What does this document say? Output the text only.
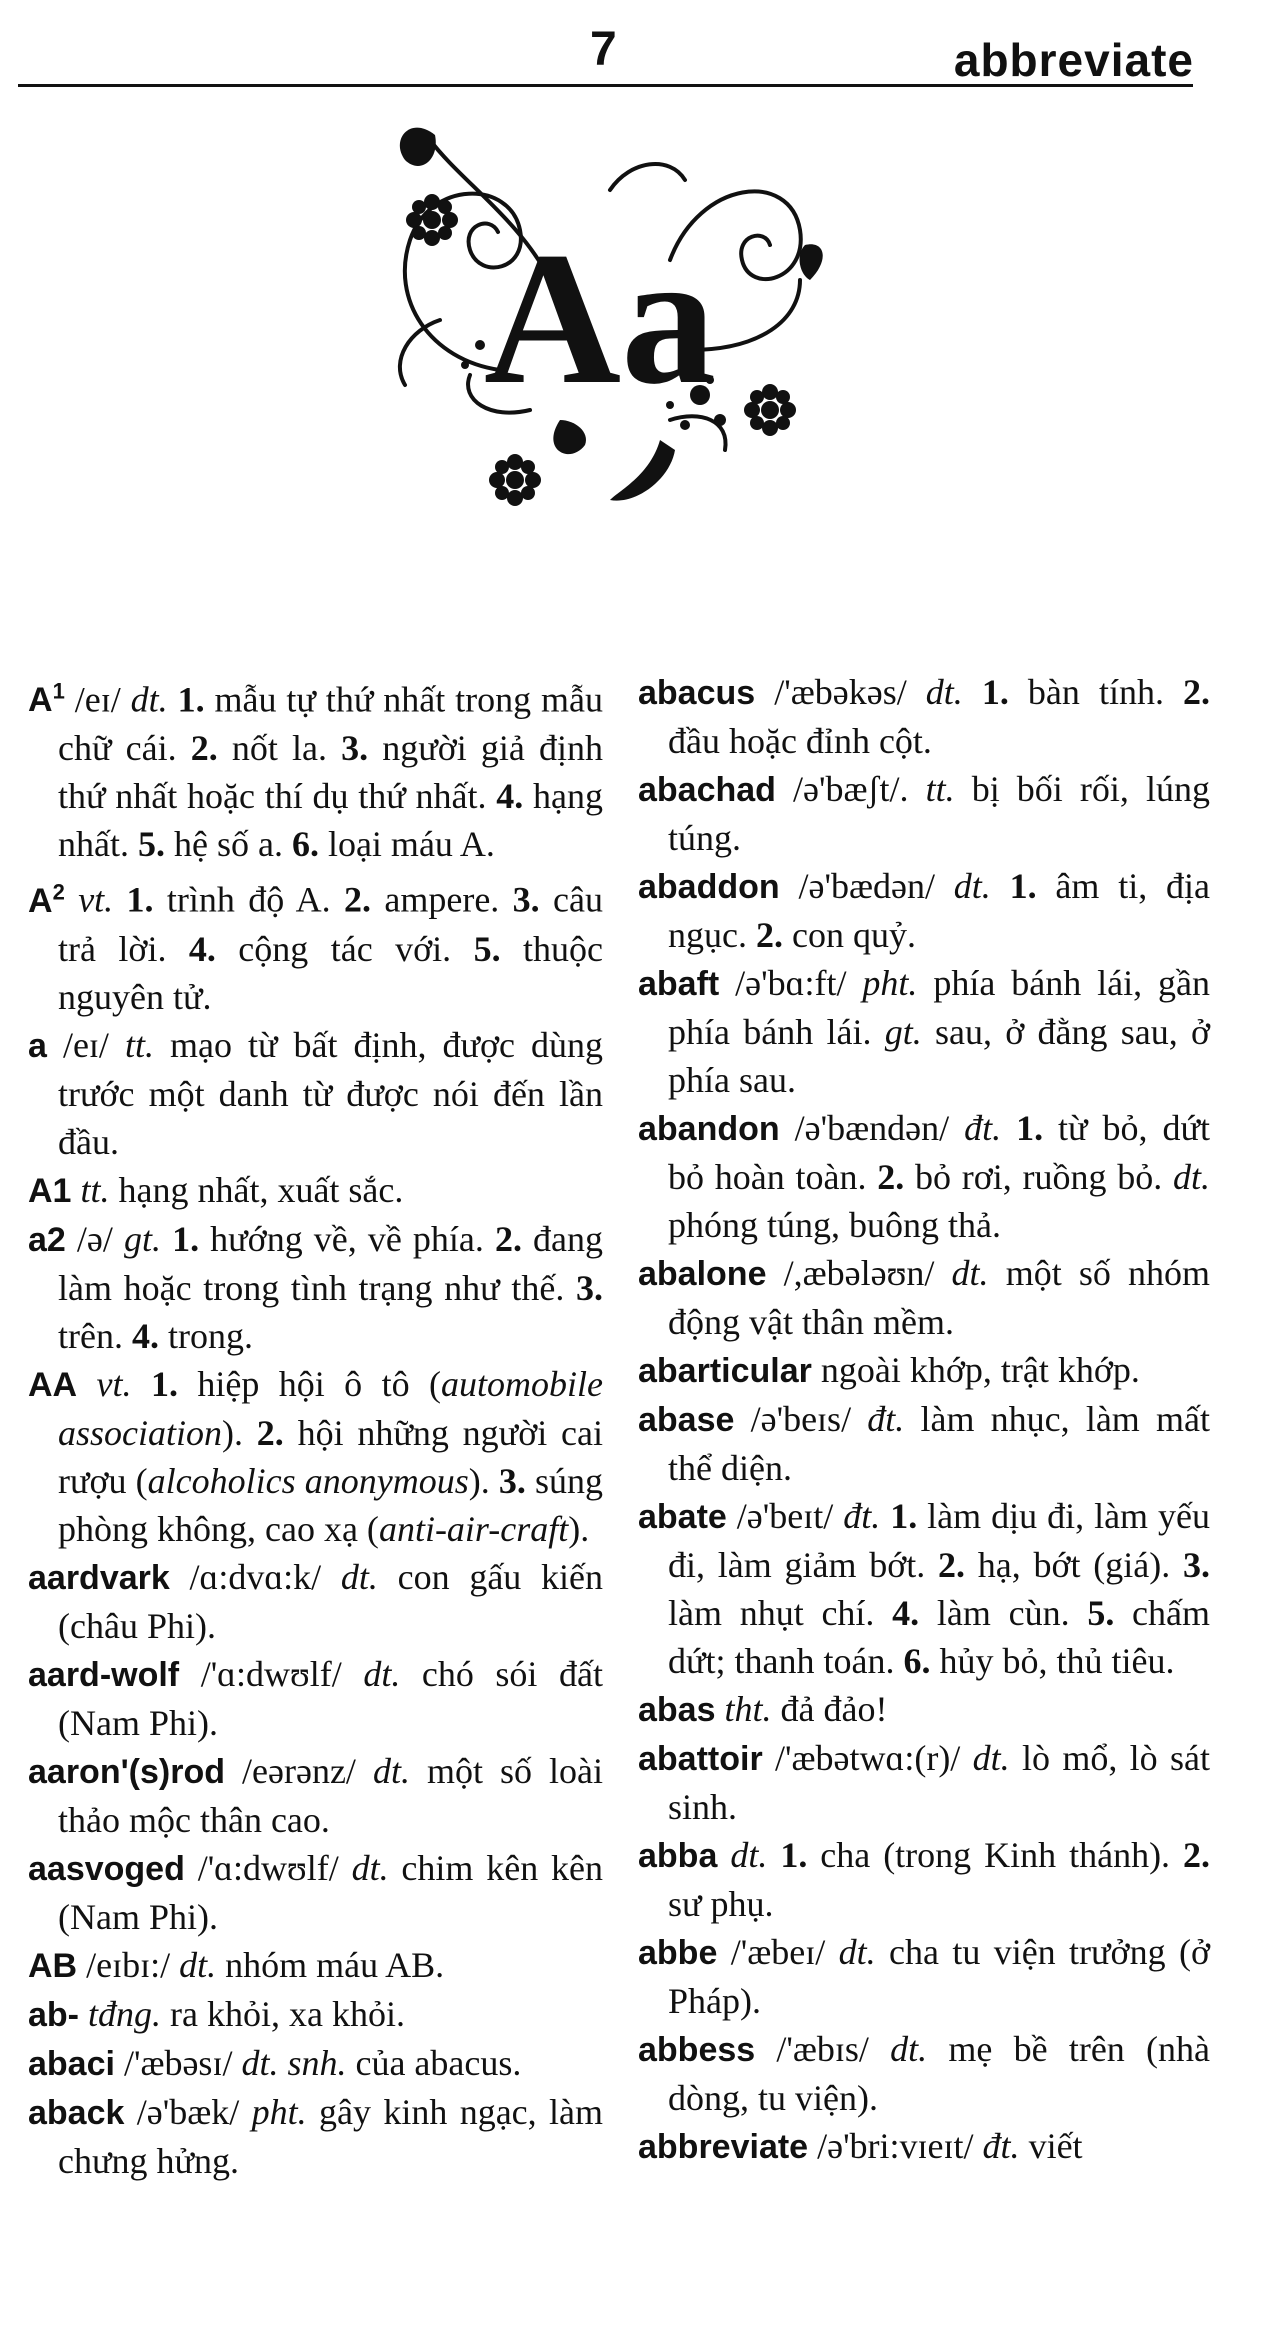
7	abbreviate
Aa

$A^1$ /eɪ/ dt. 1. mẫu tự thứ nhất trong mẫu chữ cái. 2. nốt la. 3. người giả định thứ nhất hoặc thí dụ thứ nhất. 4. hạng nhất. 5. hệ số a. 6. loại máu A.

$A^2$ vt. 1. trình độ A. 2. ampere. 3. câu trả lời. 4. cộng tác với. 5. thuộc nguyên tử.

a /eɪ/ tt. mạo từ bất định, được dùng trước một danh từ được nói đến lần đầu.

A1 tt. hạng nhất, xuất sắc.

a2 /ə/ gt. 1. hướng về, về phía. 2. đang làm hoặc trong tình trạng như thế. 3. trên. 4. trong.

AA vt. 1. hiệp hội ô tô (automobile association). 2. hội những người cai rượu (alcoholics anonymous). 3. súng phòng không, cao xạ (anti-air-craft).

aardvark /ɑ:dvɑ:k/ dt. con gấu kiến (châu Phi).

aard-wolf /'ɑ:dwʊlf/ dt. chó sói đất (Nam Phi).

aaron'(s)rod /eərənz/ dt. một số loài thảo mộc thân cao.

aasvoged /'ɑ:dwʊlf/ dt. chim kên kên (Nam Phi).

AB /eɪbɪ:/ dt. nhóm máu AB.

ab- tđng. ra khỏi, xa khỏi.

abaci /'æbəsɪ/ dt. snh. của abacus.

aback /ə'bæk/ pht. gây kinh ngạc, làm chưng hửng.

abacus /'æbəkəs/ dt. 1. bàn tính. 2. đầu hoặc đỉnh cột.

abachad /ə'bæʃt/. tt. bị bối rối, lúng túng.

abaddon /ə'bædən/ dt. 1. âm ti, địa ngục. 2. con quỷ.

abaft /ə'bɑ:ft/ pht. phía bánh lái, gần phía bánh lái. gt. sau, ở đằng sau, ở phía sau.

abandon /ə'bændən/ đt. 1. từ bỏ, dứt bỏ hoàn toàn. 2. bỏ rơi, ruồng bỏ. dt. phóng túng, buông thả.

abalone /,æbələʊn/ dt. một số nhóm động vật thân mềm.

abarticular ngoài khớp, trật khớp.

abase /ə'beɪs/ đt. làm nhục, làm mất thể diện.

abate /ə'beɪt/ đt. 1. làm dịu đi, làm yếu đi, làm giảm bớt. 2. hạ, bớt (giá). 3. làm nhụt chí. 4. làm cùn. 5. chấm dứt; thanh toán. 6. hủy bỏ, thủ tiêu.

abas tht. đả đảo!

abattoir /'æbətwɑ:(r)/ dt. lò mổ, lò sát sinh.

abba dt. 1. cha (trong Kinh thánh). 2. sư phụ.

abbe /'æbeɪ/ dt. cha tu viện trưởng (ở Pháp).

abbess /'æbɪs/ dt. mẹ bề trên (nhà dòng, tu viện).

abbreviate /ə'bri:vɪeɪt/ đt. viết
